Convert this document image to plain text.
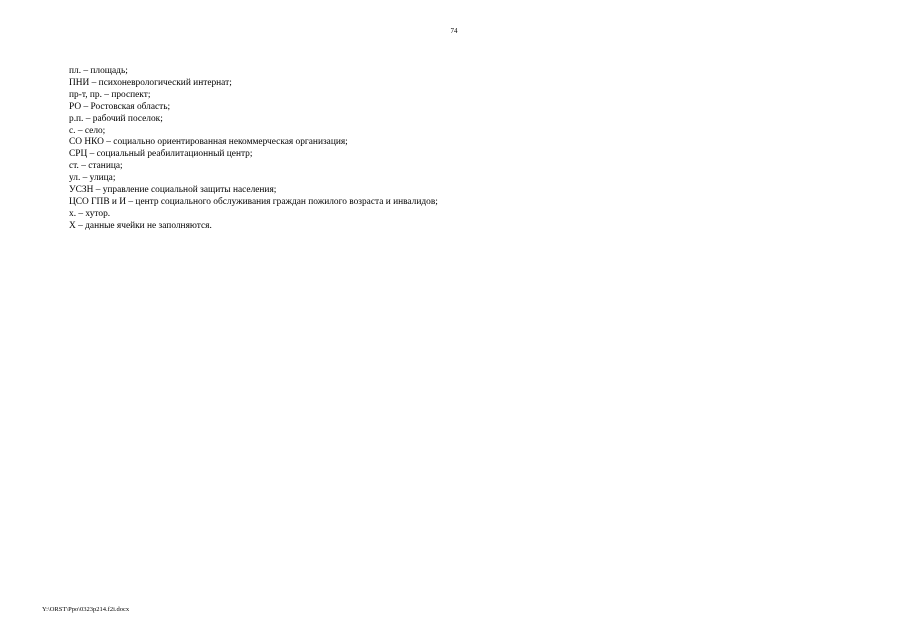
74
пл. – площадь;
ПНИ – психоневрологический интернат;
пр-т, пр. – проспект;
РО – Ростовская область;
р.п. – рабочий поселок;
с. – село;
СО НКО – социально ориентированная некоммерческая организация;
СРЦ – социальный реабилитационный центр;
ст. – станица;
ул. – улица;
УСЗН – управление социальной защиты населения;
ЦСО ГПВ и И – центр социального обслуживания граждан пожилого возраста и инвалидов;
х. – хутор.
Х – данные ячейки не заполняются.
Y:\ORST\Ppo\0323p214.f2i.docx
